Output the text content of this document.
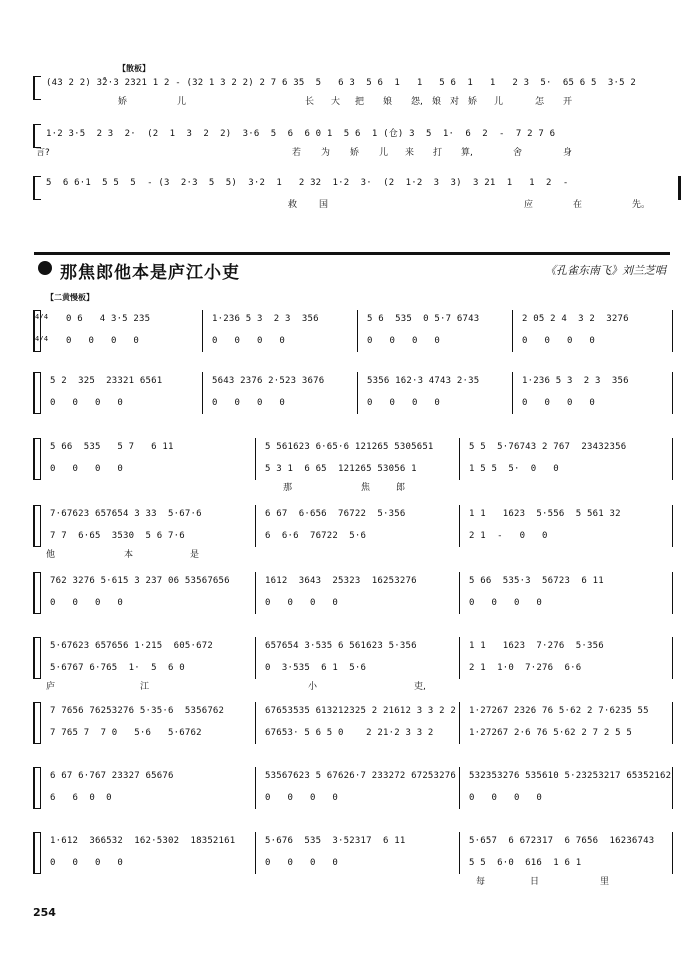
【散板】
(43 2 2) 3̊2·3 2321 1 2 - (32 1 3 2 2) 2 7 6 35  5   6 3  5 6  1   1   5 6  1   1   2 3  5·  65 6 5  3·5 2
娇	儿	长 大 把 娘 怨, 娘 对 娇 儿	怎 开
1·2 3·5  2 3  2·  (2  1  3  2  2)  3·6  5  6  6 0 1  5 6  1 (仓) 3  5  1·  6  2  -  7 2 7 6
言?	若 为 娇 儿 来 打 算,	舍	身
5  6 6·1  5 5  5  - (3  2·3  5  5)  3·2  1   2 32  1·2  3·  (2  1·2  3  3)  3 21  1   1  2  -
救 国	应	在	先。
那焦郎他本是庐江小吏	《孔雀东南飞》刘兰芝唱
【二黄慢板】
4/4
4/4
0 6   4 3·5 235
0   0   0   0
1·236 5 3  2 3  356
0   0   0   0
5 6  535  0 5·7 6743
0   0   0   0
2 05 2 4  3 2  3276
0   0   0   0
5 2  325  23321 6561
0   0   0   0
5643 2376 2·523 3676
0   0   0   0
5356 162·3 4743 2·35
0   0   0   0
1·236 5 3  2 3  356
0   0   0   0
5 66  535   5 7   6 11
0   0   0   0
5 561623 6·65·6 121265 5305651
5 3 1  6 65  121265 53056 1
5 5  5·76743 2 767  23432356
1 5 5  5·  0   0
那	焦	郎
7·67623 657654 3 33  5·67·6
7 7  6·65  3530  5 6 7·6
6 67  6·656  76722  5·356
6  6·6  76722  5·6
1 1   1623  5·556  5 561 32
2 1  -   0   0
他	本	是
762 3276 5·615 3 237 06 53567656
0   0   0   0
1612  3643  25323  16253276
0   0   0   0
5 66  535·3  56723  6 11
0   0   0   0
5·67623 657656 1·215  605·672
5·6767 6·765  1·  5  6 0
657654 3·535 6 561623 5·356
0  3·535  6 1  5·6
1 1   1623  7·276  5·356
2 1  1·0  7·276  6·6
庐	江	小	吏,
7 7656 76253276 5·35·6  5356762
7 765 7  7 0   5·6   5·6762
67653535 613212325 2 21612 3 3 2 2
67653· 5 6 5 0    2 21·2 3 3 2
1·27267 2326 76 5·62 2 7·6235 55
1·27267 2·6 76 5·62 2 7 2 5 5
6 67 6·767 23327 65676
6   6  0  0
53567623 5 67626·7 233272 67253276
0   0   0   0
532353276 535610 5·23253217 65352162
0   0   0   0
1·612  366532  162·5302  18352161
0   0   0   0
5·676  535  3·52317  6 11
0   0   0   0
5·657  6 672317  6 7656  16236743
5 5  6·0  616  1 6 1
每	日	里
254
